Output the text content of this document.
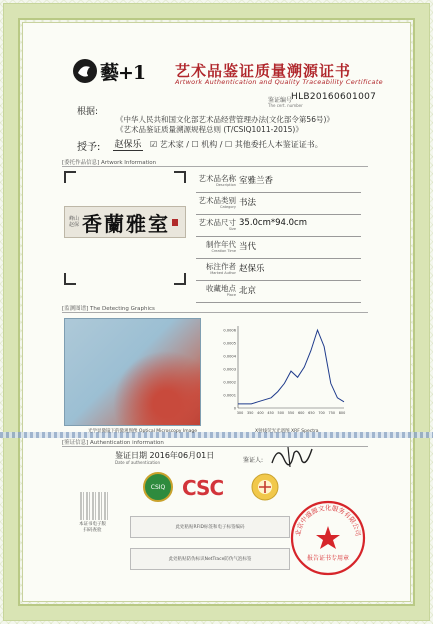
藝+1 艺术品鉴证质量溯源证书
Artwork Authentication and Quality Traceability Certificate
鉴证编号
HLB20160601007
The cert. number
根据:
《中华人民共和国文化部艺术品经营管理办法(文化部令第56号)》
《艺术品鉴证质量溯源规程总则 (T/CSIQ1011-2015)》
授予: 赵保乐 ☑ 艺术家 / ☐ 机构 / ☐ 其他委托人本鉴证证书。
[委托作品信息] Artwork Information
峰山赵保 香蘭雅室
艺术品名称
Description 室雅兰香
艺术品类别
Category 书法
艺术品尺寸
Size
35.0cm*94.0cm
制作年代
Creation Time 当代
标注作者
Marked Author 赵保乐
收藏地点
Place 北京
[监测图谱] The Detecting Graphics
光学显微镜下的微观图像 Optical Microscopy Image
0.0006
0.0005
0.0004
0.0003
0.0002
0.0001
0
300 350 400 450 500 550 600 650 700 750 800
X射线荧光光谱图 XRF Spectra
[鉴证信息] Authentication information
鉴证日期 2016年06月01日
Date of authentication	鉴证人:
CSIQ CSC
本证书电子版
扫码查验
此处粘贴RFID标签和电子标签编码
此处粘贴防伪标识NetTrace防伪气泡标签
北京中盛源文化服务有限公司
报告证书专用章
